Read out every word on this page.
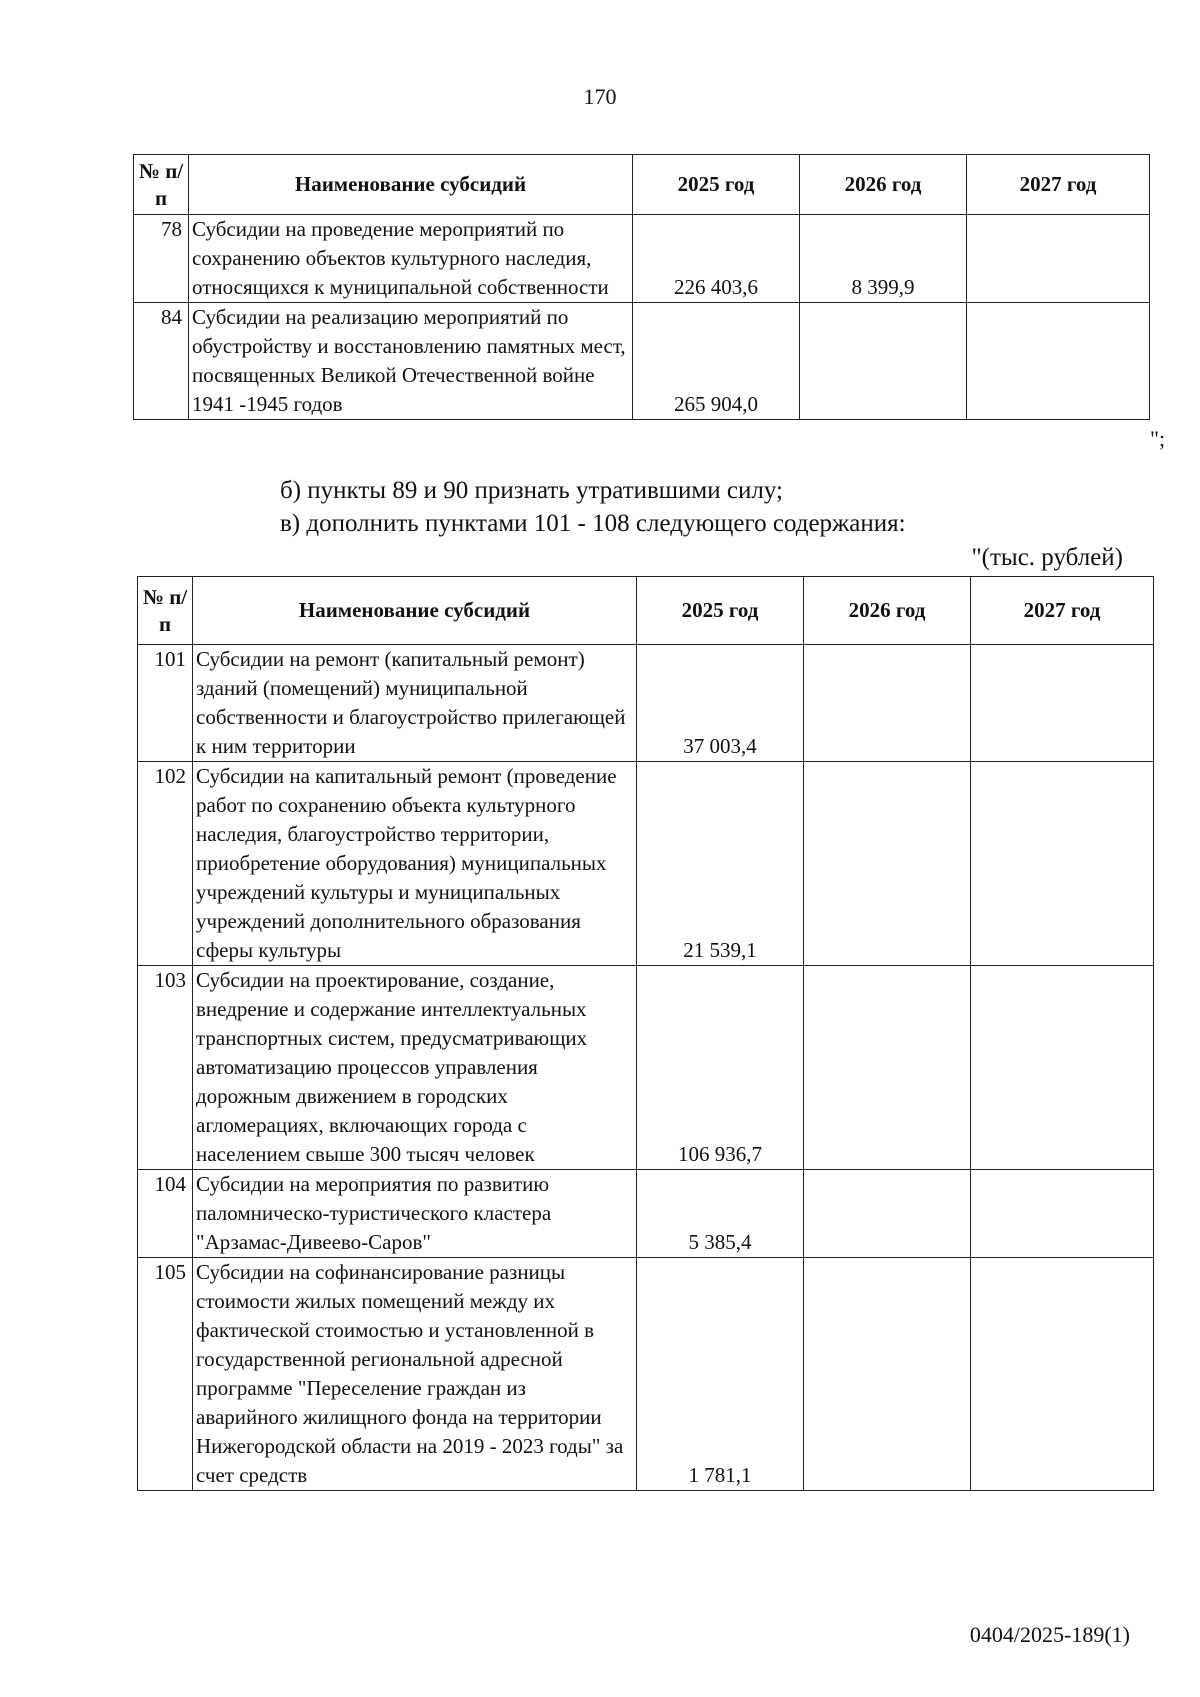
170
№ п/п	Наименование субсидий	2025 год	2026 год	2027 год
78	Субсидии на проведение мероприятий по сохранению объектов культурного наследия, относящихся к муниципальной собственности	226 403,6	8 399,9	
84	Субсидии на реализацию мероприятий по обустройству и восстановлению памятных мест, посвященных Великой Отечественной войне 1941 -1945 годов	265 904,0		
";
б) пункты 89 и 90 признать утратившими силу;
в) дополнить пунктами 101 - 108 следующего содержания:
"(тыс. рублей)
№ п/п	Наименование субсидий	2025 год	2026 год	2027 год
101	Субсидии на ремонт (капитальный ремонт) зданий (помещений) муниципальной собственности и благоустройство прилегающей к ним территории	37 003,4		
102	Субсидии на капитальный ремонт (проведение работ по сохранению объекта культурного наследия, благоустройство территории, приобретение оборудования) муниципальных учреждений культуры и муниципальных учреждений дополнительного образования сферы культуры	21 539,1		
103	Субсидии на проектирование, создание, внедрение и содержание интеллектуальных транспортных систем, предусматривающих автоматизацию процессов управления дорожным движением в городских агломерациях, включающих города с населением свыше 300 тысяч человек	106 936,7		
104	Субсидии на мероприятия по развитию паломническо-туристического кластера "Арзамас-Дивеево-Саров"	5 385,4		
105	Субсидии на софинансирование разницы стоимости жилых помещений между их фактической стоимостью и установленной в государственной региональной адресной программе "Переселение граждан из аварийного жилищного фонда на территории Нижегородской области на 2019 - 2023 годы" за счет средств	1 781,1		
0404/2025-189(1)
